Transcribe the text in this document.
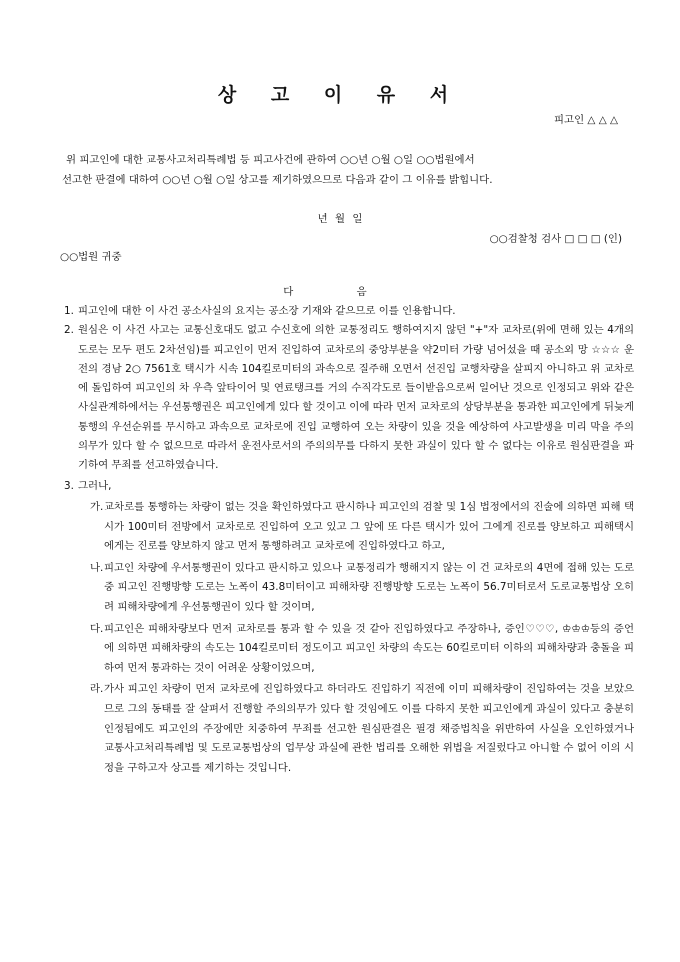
상 고 이 유 서
피고인 △ △ △
위 피고인에 대한 교통사고처리특례법 등 피고사건에 관하여 ○○년 ○월 ○일 ○○법원에서
선고한 판결에 대하여 ○○년 ○월 ○일 상고를 제기하였으므로 다음과 같이 그 이유를 밝힙니다.
년 월 일
○○검찰청 검사 □ □ □ (인)
○○법원 귀중
다 음
1. 피고인에 대한 이 사건 공소사실의 요지는 공소장 기재와 같으므로 이를 인용합니다.
2. 원심은 이 사건 사고는 교통신호대도 없고 수신호에 의한 교통정리도 행하여지지 않던 "+"자 교차로(위에 면해 있는 4개의 도로는 모두 편도 2차선임)를 피고인이 먼저 진입하여 교차로의 중앙부분을 약2미터 가량 넘어섰을 때 공소외 망 ☆☆☆ 운전의 경남 2○ 7561호 택시가 시속 104킬로미터의 과속으로 질주해 오면서 선진입 교행차량을 살피지 아니하고 위 교차로에 돌입하여 피고인의 차 우측 앞타이어 및 연료탱크를 거의 수직각도로 들이받음으로써 일어난 것으로 인정되고 위와 같은 사실관계하에서는 우선통행권은 피고인에게 있다 할 것이고 이에 따라 먼저 교차로의 상당부분을 통과한 피고인에게 뒤늦게 통행의 우선순위를 무시하고 과속으로 교차로에 진입 교행하여 오는 차량이 있을 것을 예상하여 사고발생을 미리 막을 주의의무가 있다 할 수 없으므로 따라서 운전사로서의 주의의무를 다하지 못한 과실이 있다 할 수 없다는 이유로 원심판결을 파기하여 무죄를 선고하였습니다.
3. 그러나,
가. 교차로를 통행하는 차량이 없는 것을 확인하였다고 판시하나 피고인의 검찰 및 1심 법정에서의 진술에 의하면 피해 택시가 100미터 전방에서 교차로로 진입하여 오고 있고 그 앞에 또 다른 택시가 있어 그에게 진로를 양보하고 피해택시에게는 진로를 양보하지 않고 먼저 통행하려고 교차로에 진입하였다고 하고,
나. 피고인 차량에 우서통행권이 있다고 판시하고 있으나 교통정리가 행해지지 않는 이 건 교차로의 4면에 접해 있는 도로 중 피고인 진행방향 도로는 노폭이 43.8미터이고 피해차량 진행방향 도로는 노폭이 56.7미터로서 도로교통법상 오히려 피해차량에게 우선통행권이 있다 할 것이며,
다. 피고인은 피해차량보다 먼저 교차로를 통과 할 수 있을 것 같아 진입하였다고 주장하나, 증인♡♡♡, ♔♔♔등의 증언에 의하면 피해차량의 속도는 104킬로미터 정도이고 피고인 차량의 속도는 60킬로미터 이하의 피해차량과 충돌을 피하여 먼저 통과하는 것이 어려운 상황이었으며,
라. 가사 피고인 차량이 먼저 교차로에 진입하였다고 하더라도 진입하기 직전에 이미 피해차량이 진입하여는 것을 보았으므로 그의 동태를 잘 살펴서 진행할 주의의무가 있다 할 것임에도 이를 다하지 못한 피고인에게 과실이 있다고 충분히 인정됨에도 피고인의 주장에만 치중하여 무죄를 선고한 원심판결은 필경 채증법칙을 위반하여 사실을 오인하였거나 교통사고처리특례법 및 도로교통법상의 업무상 과실에 관한 법리를 오해한 위법을 저질렀다고 아니할 수 없어 이의 시정을 구하고자 상고를 제기하는 것입니다.
